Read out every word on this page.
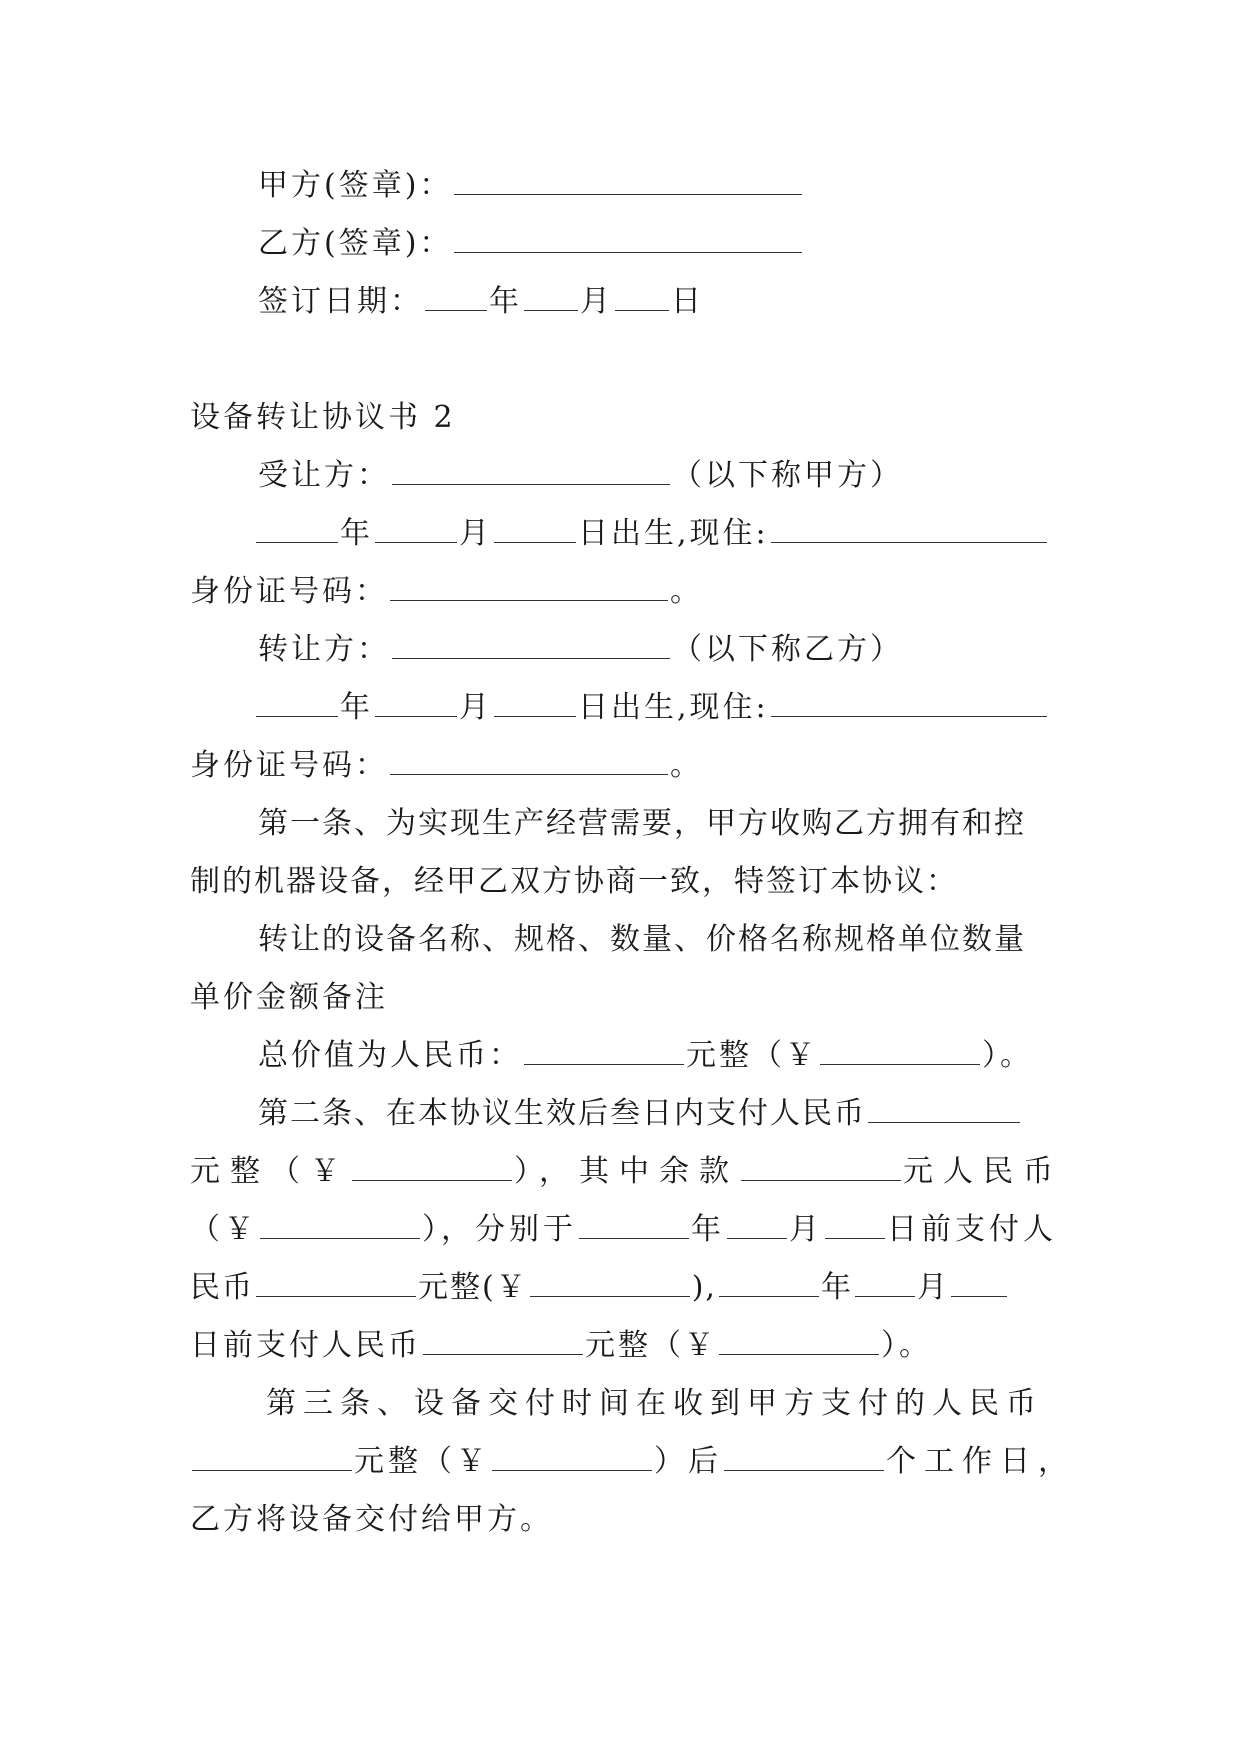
甲方(签章)：
乙方(签章)：
签订日期： 年 月 日
设备转让协议书 2
受让方：	（以下称甲方）
年	月	日出生,现住:
身份证号码：	。
转让方：	（以下称乙方）
年	月	日出生,现住:
身份证号码：	。
第一条、为实现生产经营需要，甲方收购乙方拥有和控
制的机器设备，经甲乙双方协商一致，特签订本协议：
转让的设备名称、规格、数量、价格名称规格单位数量
单价金额备注
总价值为人民币：	元整（￥	）。
第二条、在本协议生效后叁日内支付人民币
元整（￥	），其中余款	元人民币
（￥	），分别于	年 月 日前支付人
民币	元整(￥	),	年 月
日前支付人民币	元整（￥	）。
第三条、设备交付时间在收到甲方支付的人民币
元整（￥	）后	个工作日，
乙方将设备交付给甲方。
